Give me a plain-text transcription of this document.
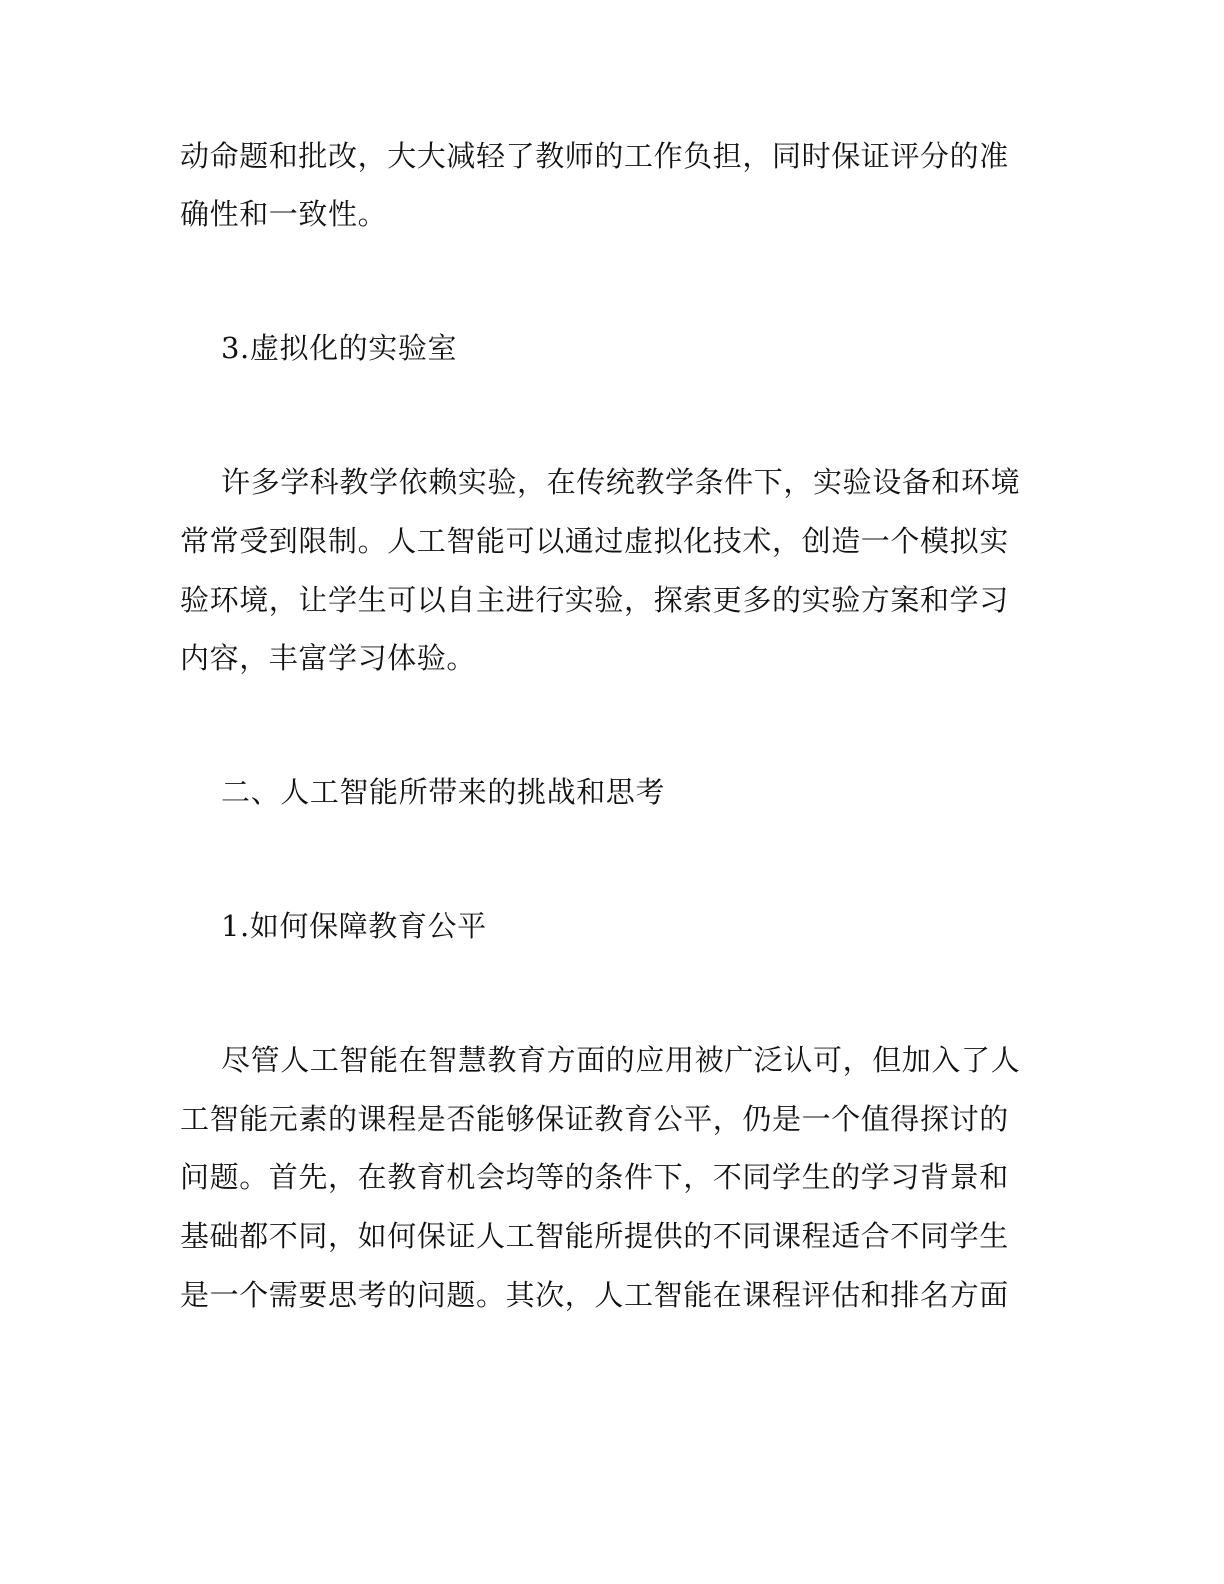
动命题和批改，大大减轻了教师的工作负担，同时保证评分的准
确性和一致性。
3.虚拟化的实验室
许多学科教学依赖实验，在传统教学条件下，实验设备和环境
常常受到限制。人工智能可以通过虚拟化技术，创造一个模拟实
验环境，让学生可以自主进行实验，探索更多的实验方案和学习
内容，丰富学习体验。
二、人工智能所带来的挑战和思考
1.如何保障教育公平
尽管人工智能在智慧教育方面的应用被广泛认可，但加入了人
工智能元素的课程是否能够保证教育公平，仍是一个值得探讨的
问题。首先，在教育机会均等的条件下，不同学生的学习背景和
基础都不同，如何保证人工智能所提供的不同课程适合不同学生
是一个需要思考的问题。其次，人工智能在课程评估和排名方面
